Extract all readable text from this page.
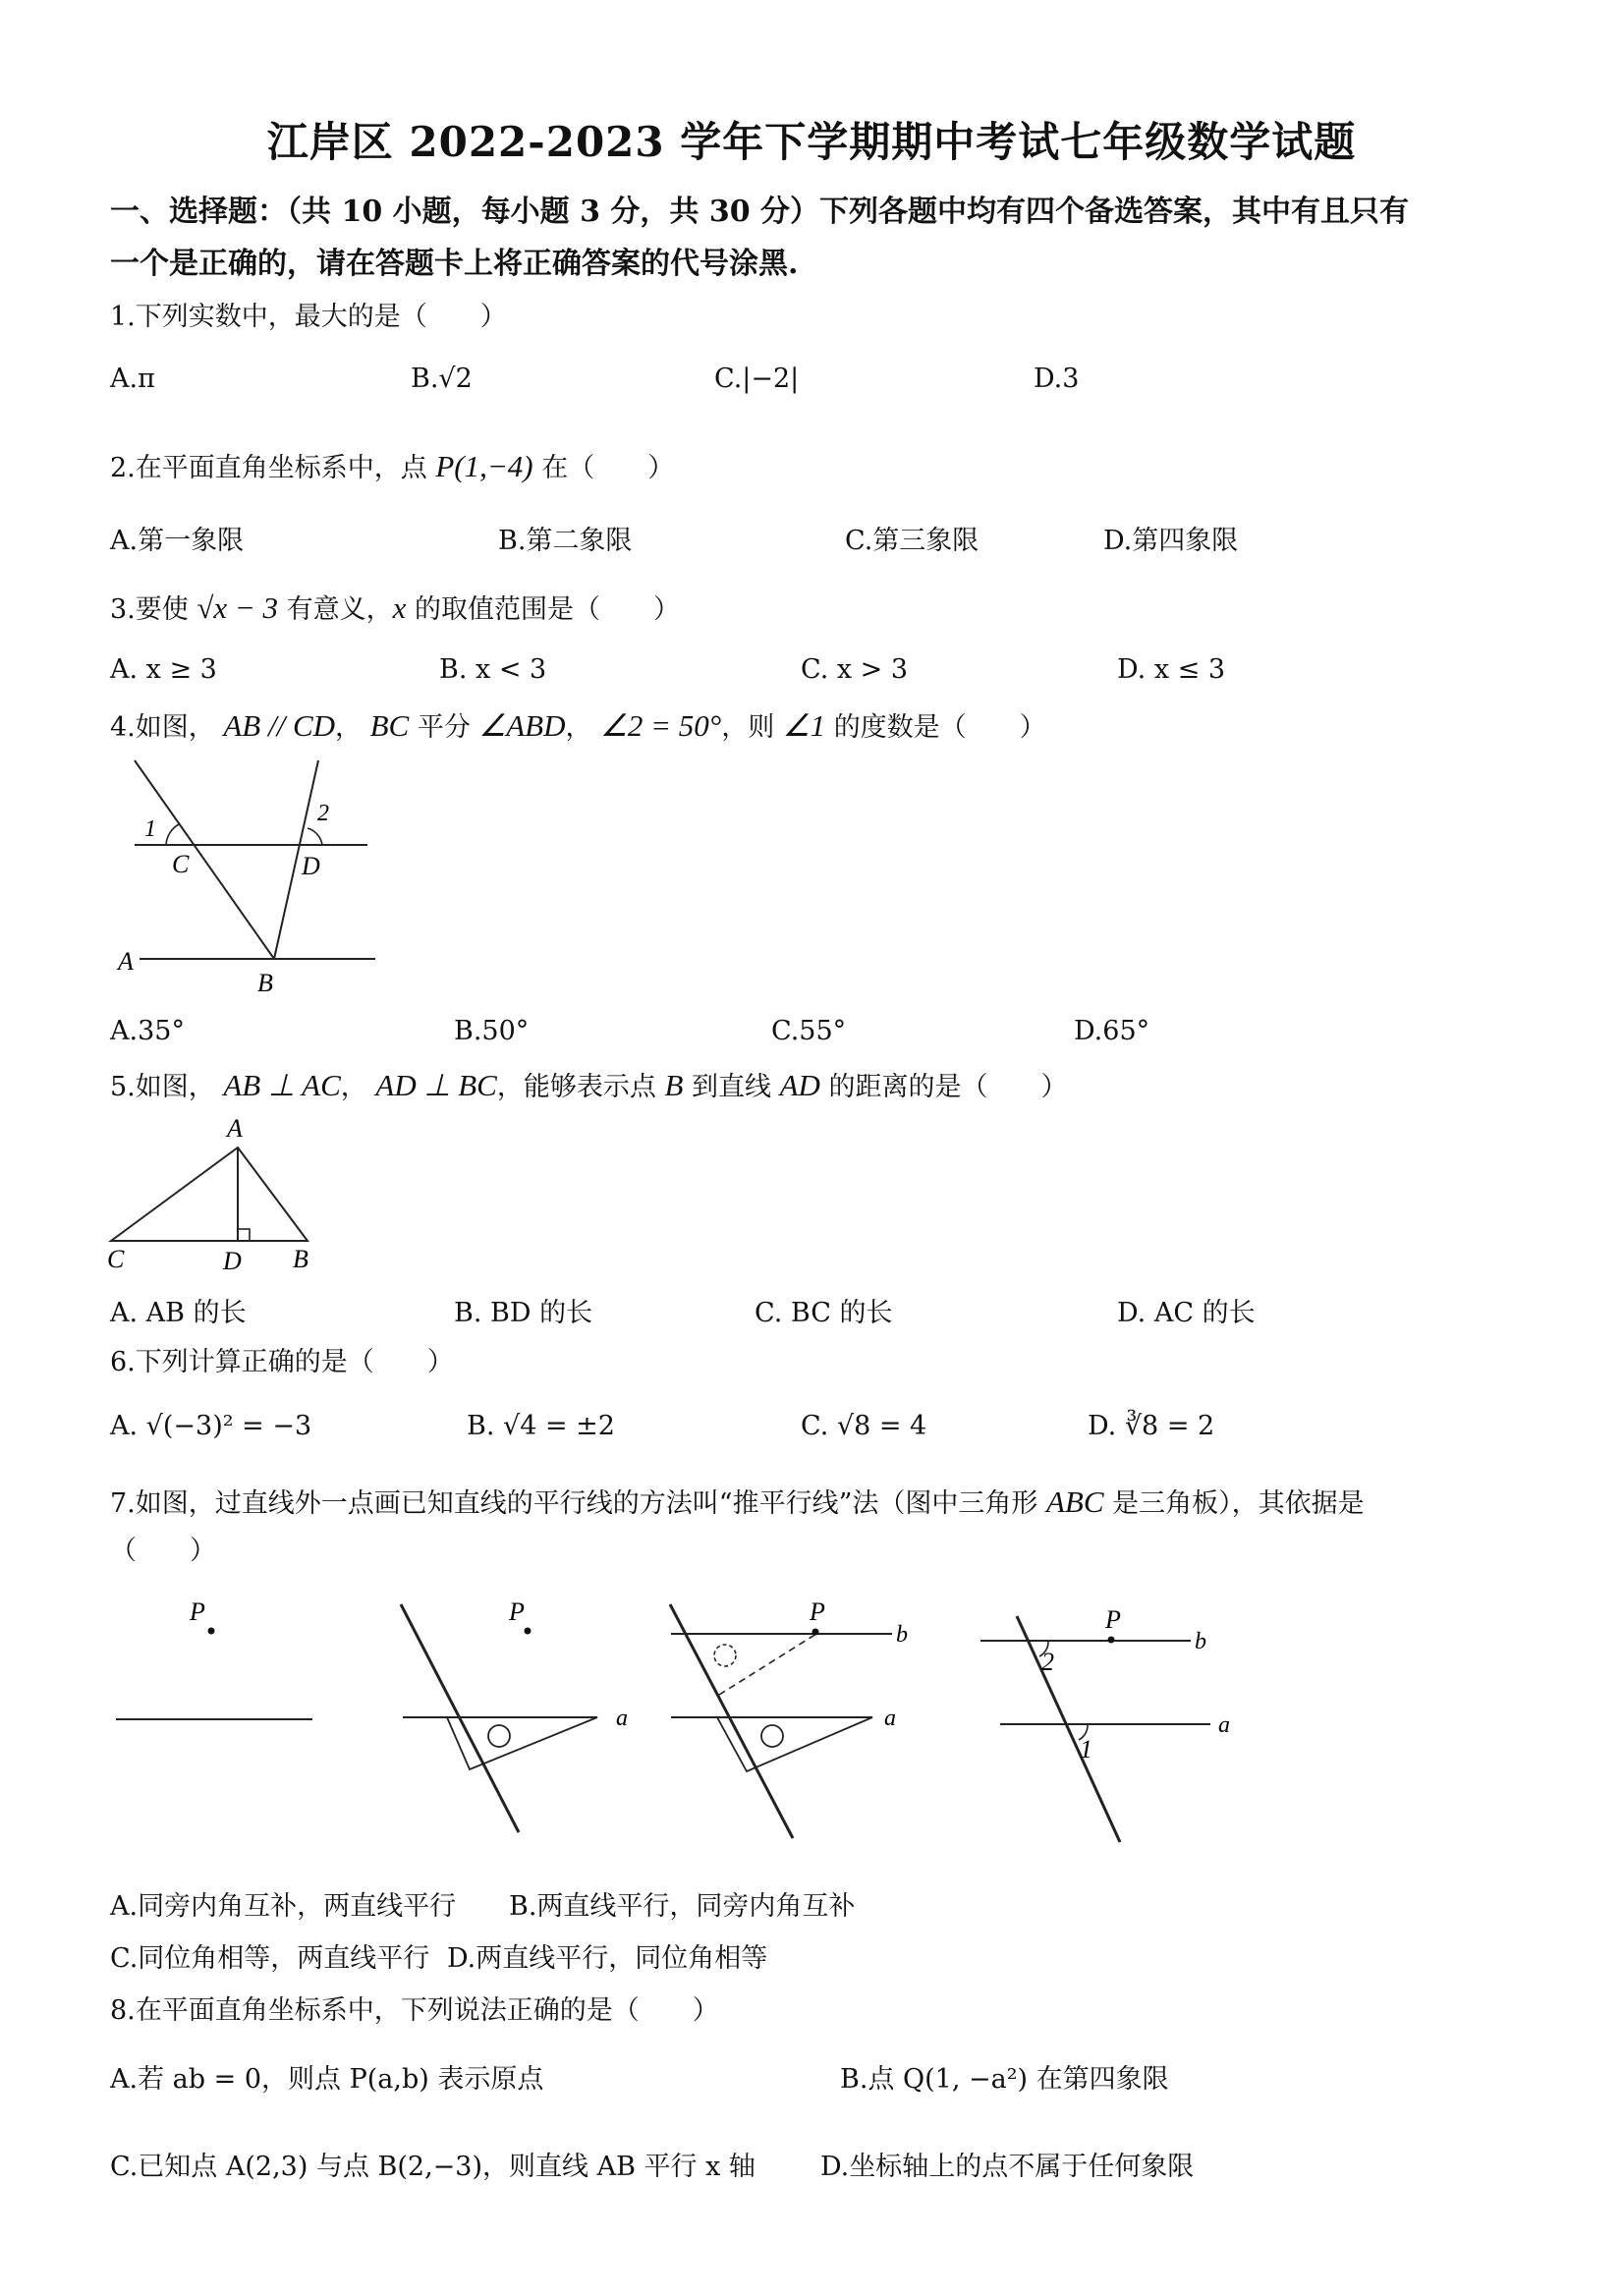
江岸区 2022-2023 学年下学期期中考试七年级数学试题
一、选择题：（共 10 小题，每小题 3 分，共 30 分）下列各题中均有四个备选答案，其中有且只有
一个是正确的，请在答题卡上将正确答案的代号涂黑.
1.下列实数中，最大的是（　　）
A.π	B.√2	C.|−2|	D.3
2.在平面直角坐标系中，点 P(1,−4) 在（　　）
A.第一象限	B.第二象限	C.第三象限	D.第四象限
3.要使 √x − 3 有意义，x 的取值范围是（　　）
A. x ≥ 3	B. x < 3	C. x > 3	D. x ≤ 3
4.如图， AB // CD， BC 平分 ∠ABD， ∠2 = 50°，则 ∠1 的度数是（　　）
1
2
C	D
A
B
A.35°	B.50°	C.55°	D.65°
5.如图， AB ⊥ AC， AD ⊥ BC，能够表示点 B 到直线 AD 的距离的是（　　）
A
C	D B
A. AB 的长	B. BD 的长	C. BC 的长	D. AC 的长
6.下列计算正确的是（　　）
A. √(−3)² = −3	B. √4 = ±2	C. √8 = 4	D. ∛8 = 2
7.如图，过直线外一点画已知直线的平行线的方法叫“推平行线”法（图中三角形 ABC 是三角板），其依据是
（　　）
P	P
a
P
b
a
P
b
a
2
1
A.同旁内角互补，两直线平行 B.两直线平行，同旁内角互补
C.同位角相等，两直线平行 D.两直线平行，同位角相等
8.在平面直角坐标系中，下列说法正确的是（　　）
A.若 ab = 0，则点 P(a,b) 表示原点	B.点 Q(1, −a²) 在第四象限
C.已知点 A(2,3) 与点 B(2,−3)，则直线 AB 平行 x 轴 D.坐标轴上的点不属于任何象限
